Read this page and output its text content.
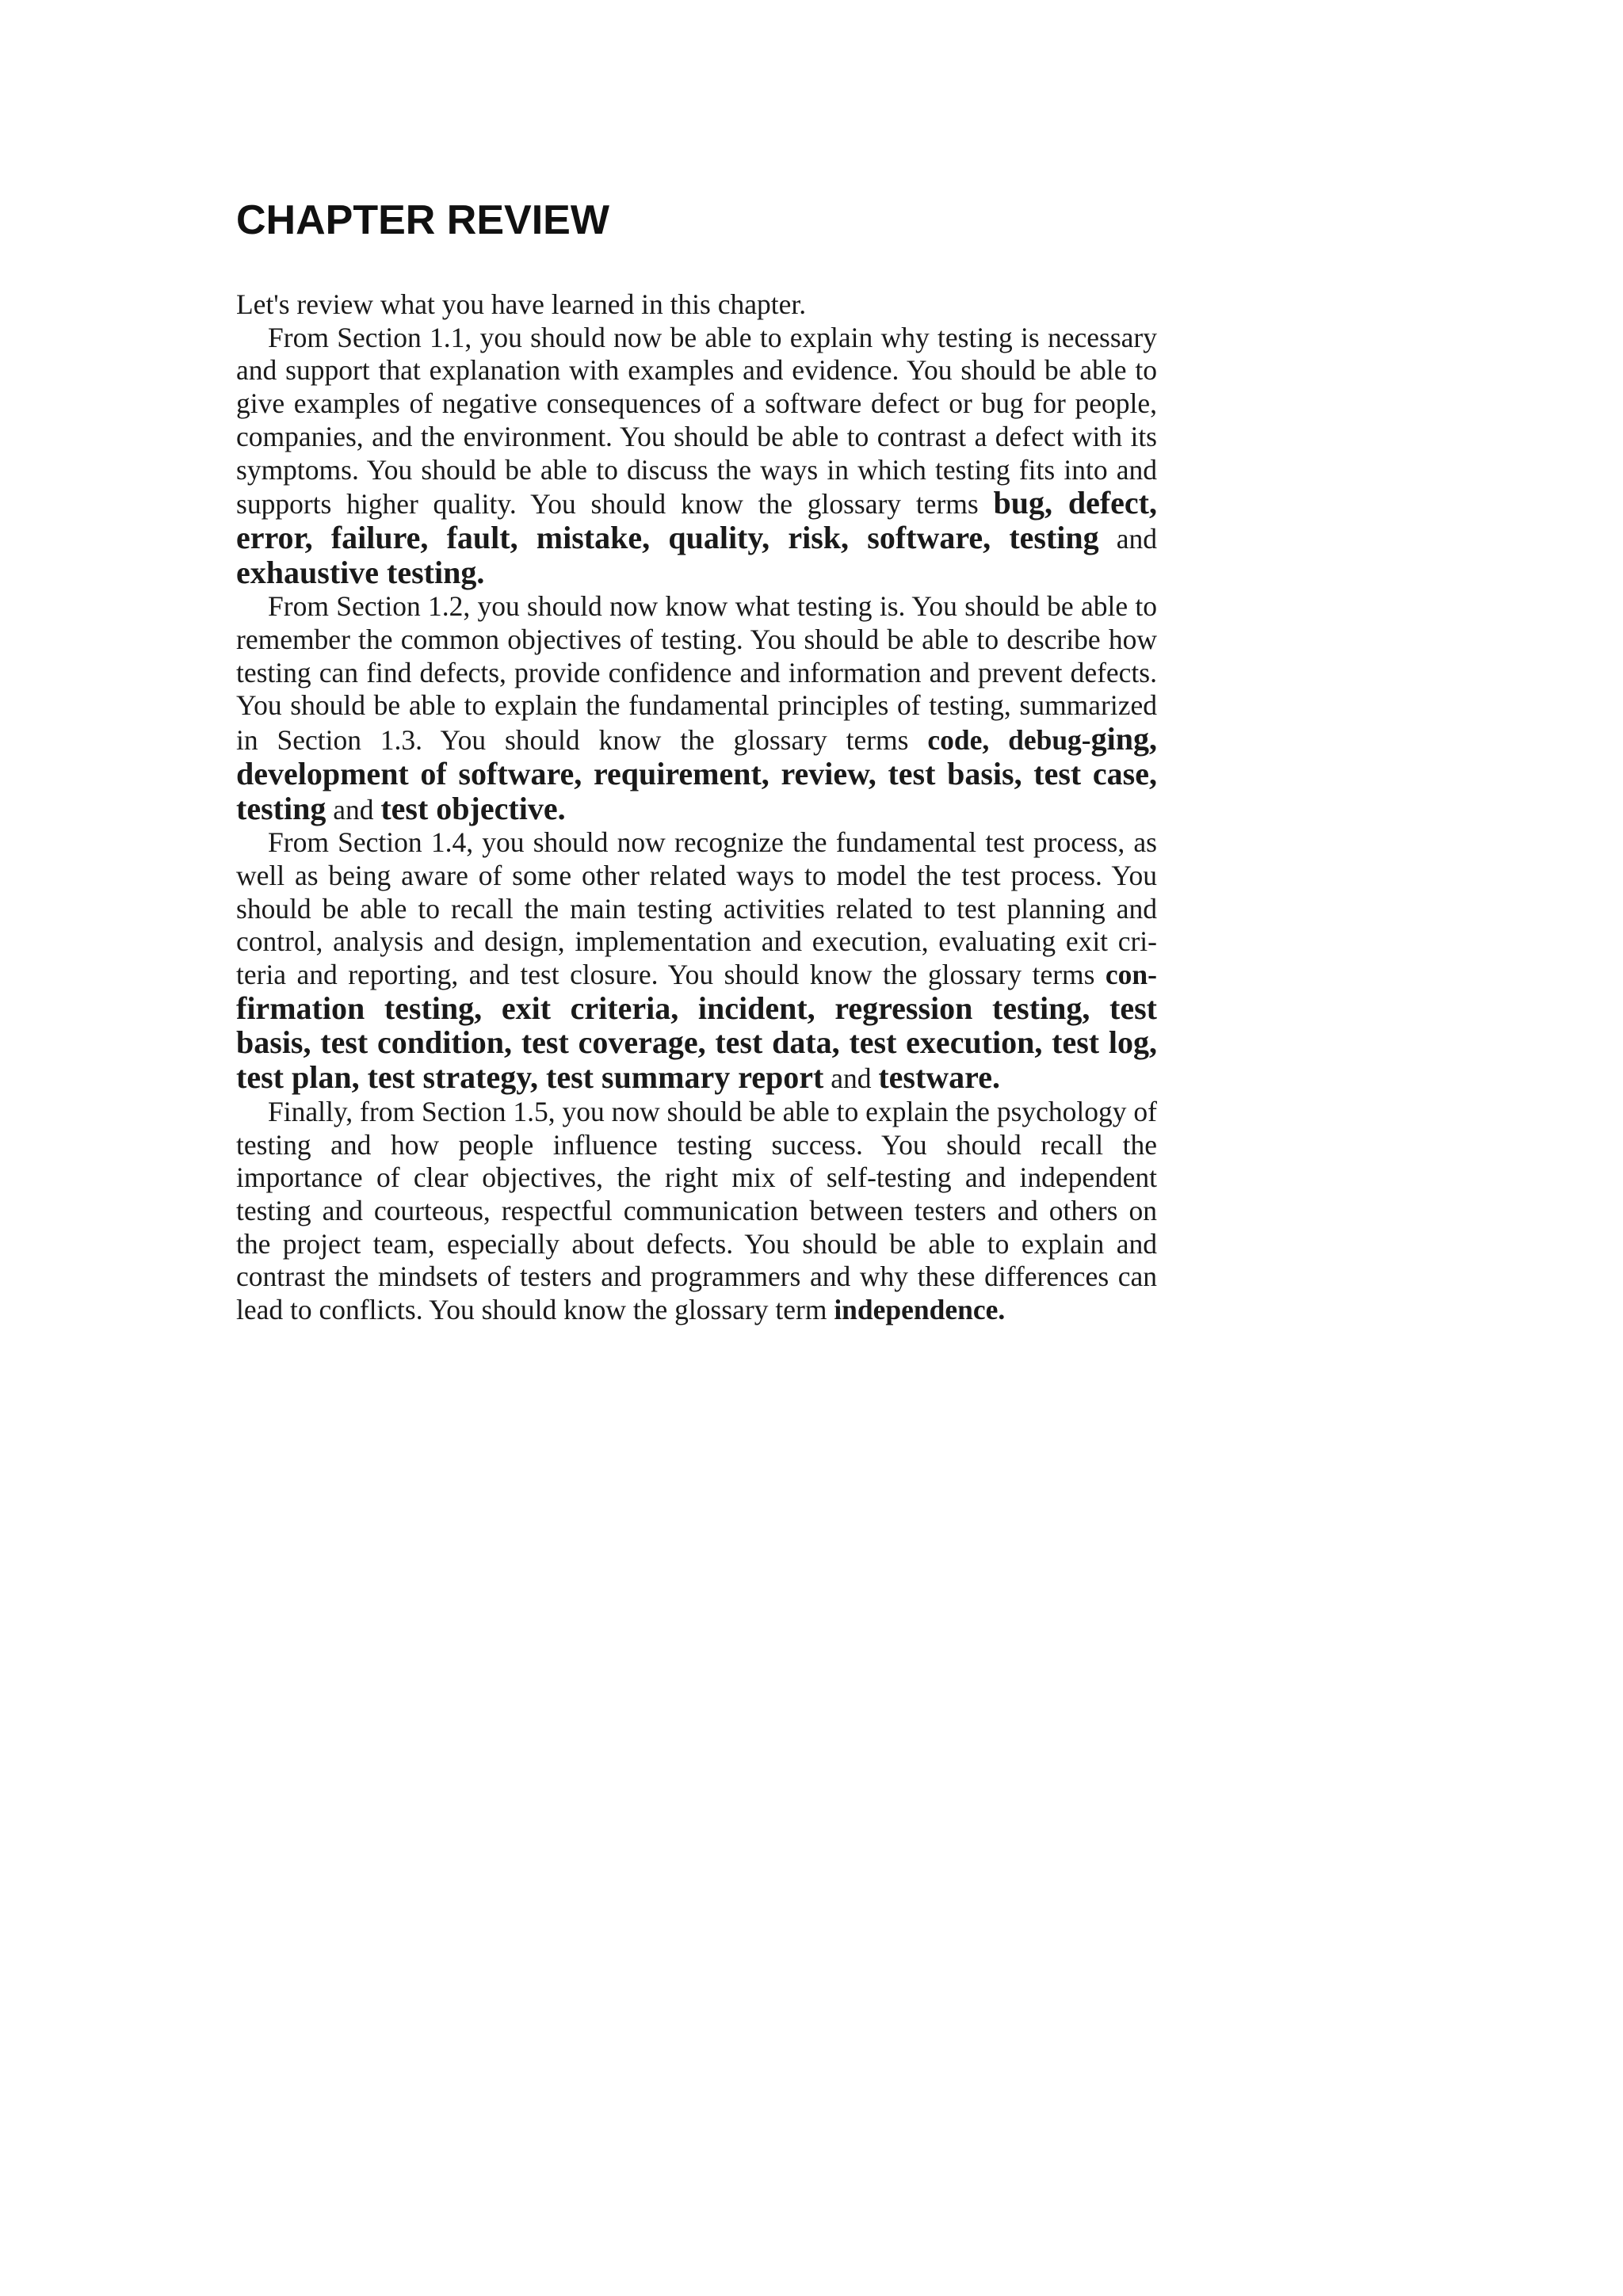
CHAPTER REVIEW

Let's review what you have learned in this chapter.

From Section 1.1, you should now be able to explain why testing is necessary and support that explanation with examples and evidence. You should be able to give examples of negative consequences of a software defect or bug for people, companies, and the environment. You should be able to contrast a defect with its symptoms. You should be able to discuss the ways in which testing fits into and supports higher quality. You should know the glossary terms bug, defect, error, failure, fault, mistake, quality, risk, software, testing and exhaustive testing.

From Section 1.2, you should now know what testing is. You should be able to remember the common objectives of testing. You should be able to describe how testing can find defects, provide confidence and information and prevent defects. You should be able to explain the fundamental principles of testing, summarized in Section 1.3. You should know the glossary terms code, debug-ging, development of software, requirement, review, test basis, test case, testing and test objective.

From Section 1.4, you should now recognize the fundamental test process, as well as being aware of some other related ways to model the test process. You should be able to recall the main testing activities related to test planning and control, analysis and design, implementation and execution, evaluating exit cri-teria and reporting, and test closure. You should know the glossary terms con-firmation testing, exit criteria, incident, regression testing, test basis, test condition, test coverage, test data, test execution, test log, test plan, test strategy, test summary report and testware.

Finally, from Section 1.5, you now should be able to explain the psychology of testing and how people influence testing success. You should recall the importance of clear objectives, the right mix of self-testing and independent testing and courteous, respectful communication between testers and others on the project team, especially about defects. You should be able to explain and contrast the mindsets of testers and programmers and why these differences can lead to conflicts. You should know the glossary term independence.
